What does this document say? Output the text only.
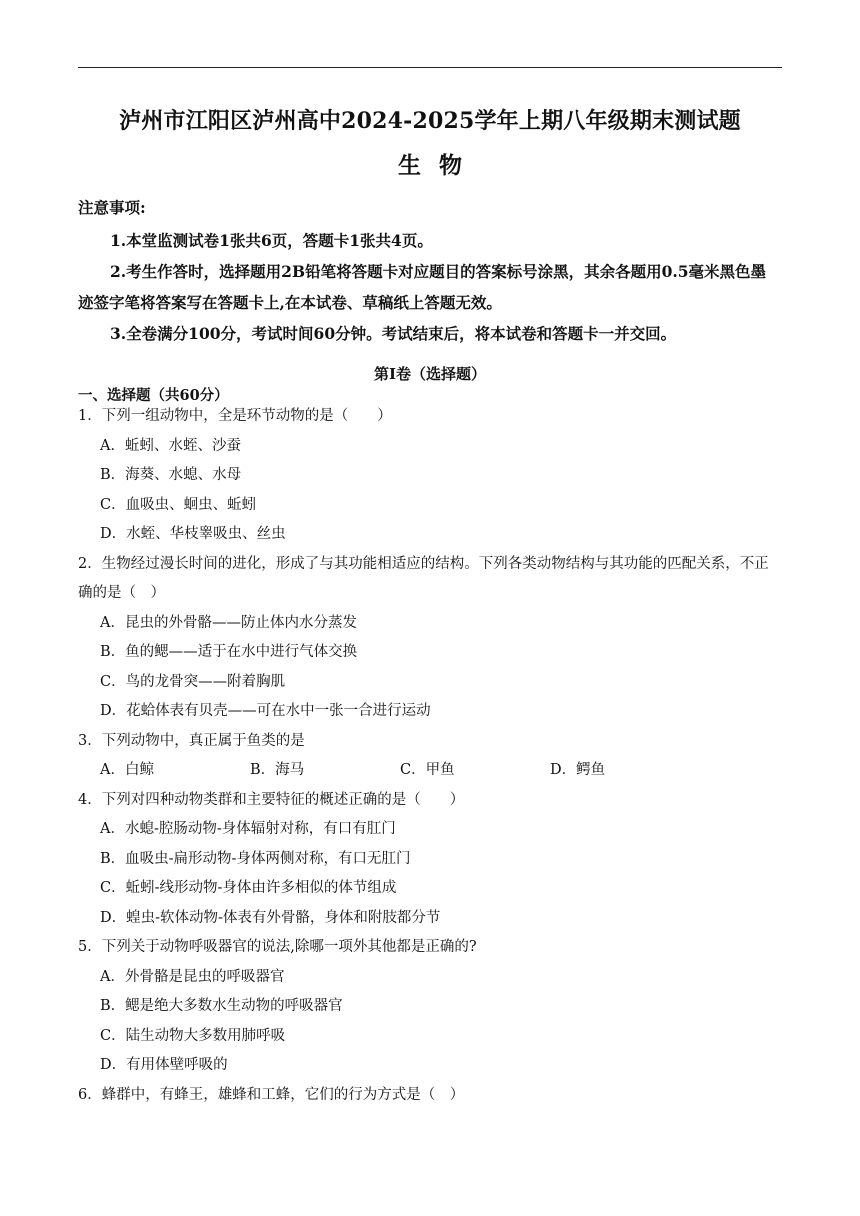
泸州市江阳区泸州高中2024-2025学年上期八年级期末测试题
生物
注意事项:
1.本堂监测试卷1张共6页，答题卡1张共4页。
2.考生作答时，选择题用2B铅笔将答题卡对应题目的答案标号涂黑，其余各题用0.5毫米黑色墨迹签字笔将答案写在答题卡上,在本试卷、草稿纸上答题无效。
3.全卷满分100分，考试时间60分钟。考试结束后，将本试卷和答题卡一并交回。
第Ⅰ卷（选择题）
一、选择题（共60分）
1．下列一组动物中，全是环节动物的是（　　）
A．蚯蚓、水蛭、沙蚕
B．海葵、水螅、水母
C．血吸虫、蛔虫、蚯蚓
D．水蛭、华枝睾吸虫、丝虫
2．生物经过漫长时间的进化，形成了与其功能相适应的结构。下列各类动物结构与其功能的匹配关系，不正确的是（　）
A．昆虫的外骨骼——防止体内水分蒸发
B．鱼的鳃——适于在水中进行气体交换
C．鸟的龙骨突——附着胸肌
D．花蛤体表有贝壳——可在水中一张一合进行运动
3．下列动物中，真正属于鱼类的是
A．白鲸	B．海马	C．甲鱼	D．鳄鱼
4．下列对四种动物类群和主要特征的概述正确的是（　　）
A．水螅-腔肠动物-身体辐射对称，有口有肛门
B．血吸虫-扁形动物-身体两侧对称，有口无肛门
C．蚯蚓-线形动物-身体由许多相似的体节组成
D．蝗虫-软体动物-体表有外骨骼，身体和附肢都分节
5．下列关于动物呼吸器官的说法,除哪一项外其他都是正确的?
A．外骨骼是昆虫的呼吸器官
B．鳃是绝大多数水生动物的呼吸器官
C．陆生动物大多数用肺呼吸
D．有用体壁呼吸的
6．蜂群中，有蜂王，雄蜂和工蜂，它们的行为方式是（　）
